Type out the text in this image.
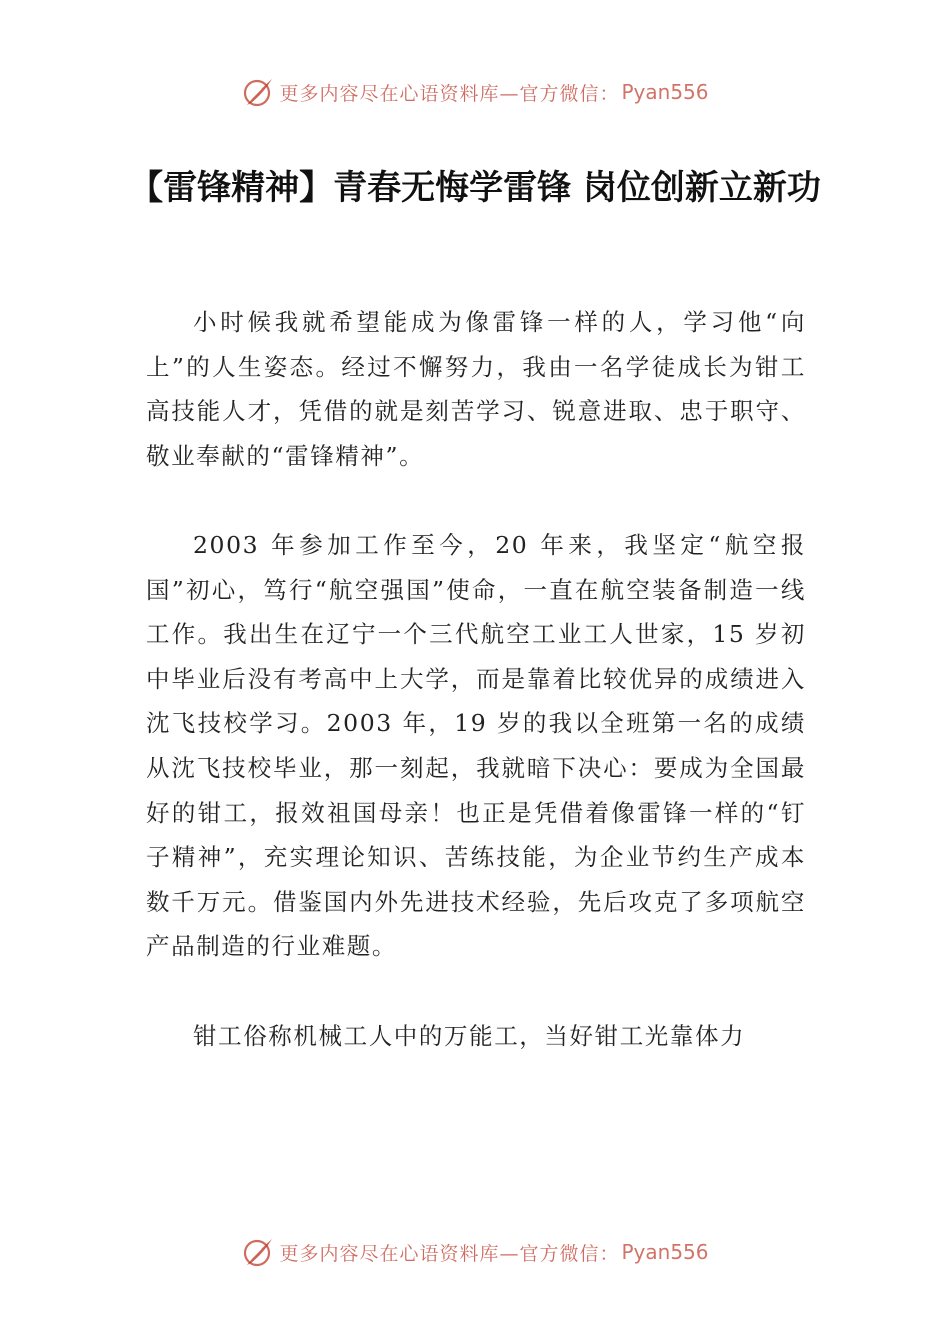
更多内容尽在心语资料库—官方微信： Pyan556
【雷锋精神】青春无悔学雷锋 岗位创新立新功

小时候我就希望能成为像雷锋一样的人，学习他“向上”的人生姿态。经过不懈努力，我由一名学徒成长为钳工高技能人才，凭借的就是刻苦学习、锐意进取、忠于职守、敬业奉献的“雷锋精神”。

2003 年参加工作至今，20 年来，我坚定“航空报国”初心，笃行“航空强国”使命，一直在航空装备制造一线工作。我出生在辽宁一个三代航空工业工人世家，15 岁初中毕业后没有考高中上大学，而是靠着比较优异的成绩进入沈飞技校学习。2003 年，19 岁的我以全班第一名的成绩从沈飞技校毕业，那一刻起，我就暗下决心：要成为全国最好的钳工，报效祖国母亲！也正是凭借着像雷锋一样的“钉子精神”，充实理论知识、苦练技能，为企业节约生产成本数千万元。借鉴国内外先进技术经验，先后攻克了多项航空产品制造的行业难题。

钳工俗称机械工人中的万能工，当好钳工光靠体力

更多内容尽在心语资料库—官方微信： Pyan556
